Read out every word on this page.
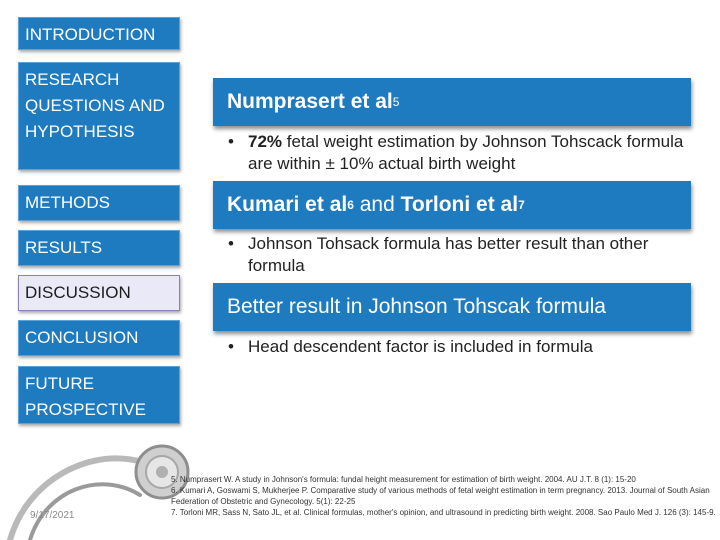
INTRODUCTION
RESEARCH QUESTIONS AND HYPOTHESIS
METHODS
RESULTS
DISCUSSION
CONCLUSION
FUTURE PROSPECTIVE
Numprasert et al 5
• 72% fetal weight estimation by Johnson Tohscack formula are within ± 10% actual birth weight
Kumari et al 6 and Torloni et al 7
• Johnson Tohsack formula has better result than other formula
Better result in Johnson Tohscak formula
• Head descendent factor is included in formula
5. Numprasert W. A study in Johnson's formula: fundal height measurement for estimation of birth weight. 2004. AU J.T. 8 (1): 15-20
6. Kumari A, Goswami S, Mukherjee P. Comparative study of various methods of fetal weight estimation in term pregnancy. 2013. Journal of South Asian Federation of Obstetric and Gynecology. 5(1): 22-25
7. Torloni MR, Sass N, Sato JL, et al. Clinical formulas, mother's opinion, and ultrasound in predicting birth weight. 2008. Sao Paulo Med J. 126 (3): 145-9.
9/17/2021
